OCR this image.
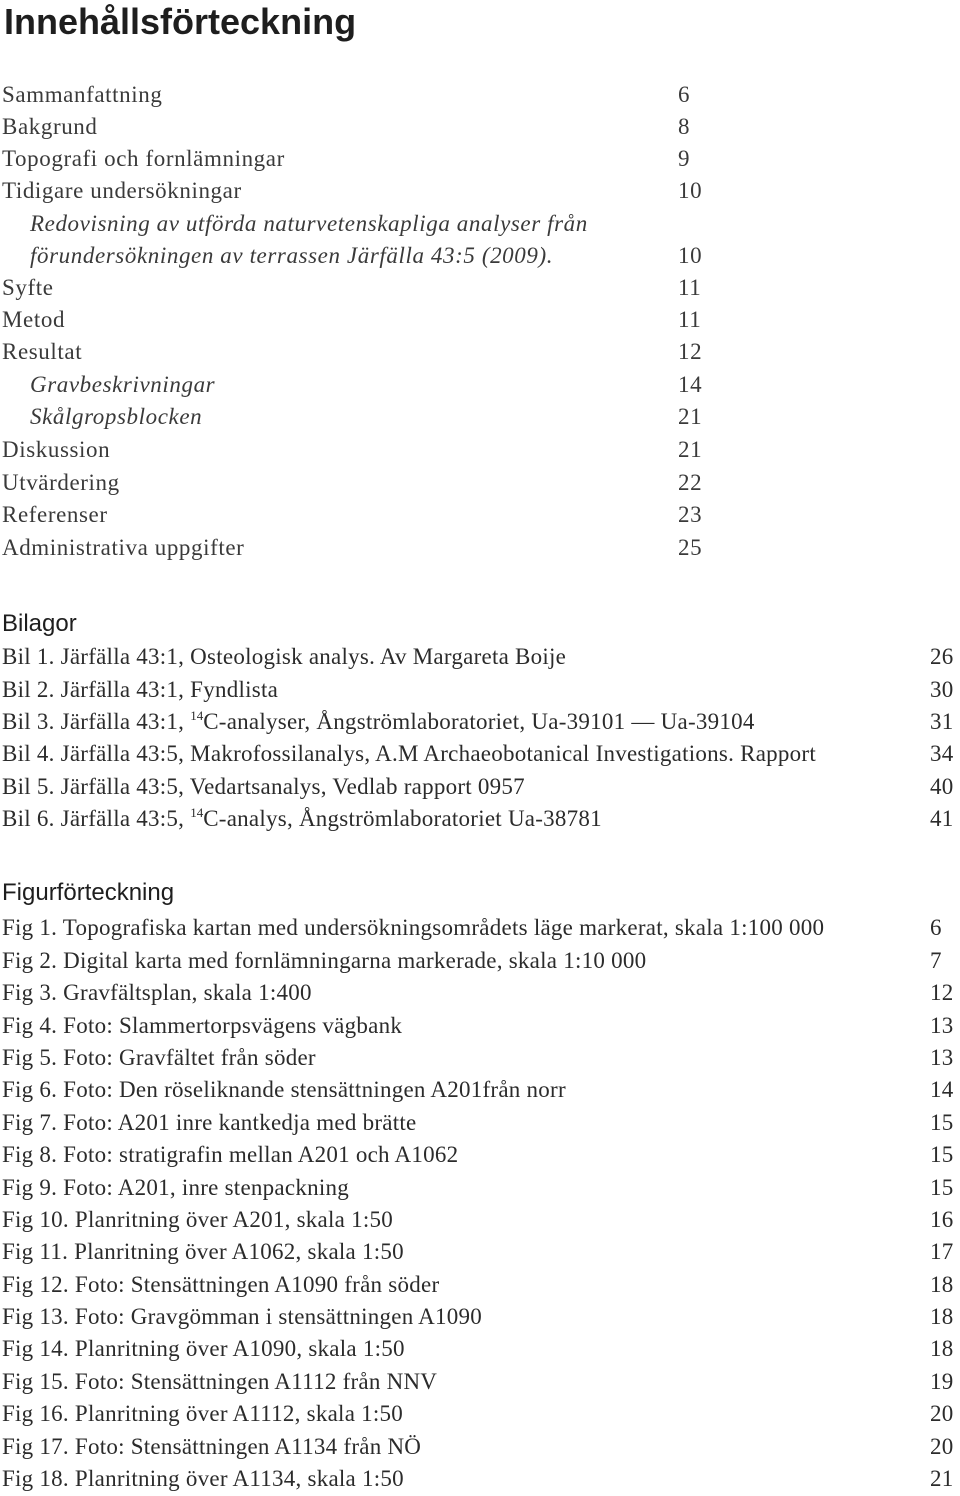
Innehållsförteckning
Sammanfattning	6
Bakgrund	8
Topografi och fornlämningar	9
Tidigare undersökningar	10
Redovisning av utförda naturvetenskapliga analyser från
förundersökningen av terrassen Järfälla 43:5 (2009).	10
Syfte	11
Metod	11
Resultat	12
Gravbeskrivningar	14
Skålgropsblocken	21
Diskussion	21
Utvärdering	22
Referenser	23
Administrativa uppgifter	25
Bilagor
Bil 1. Järfälla 43:1, Osteologisk analys. Av Margareta Boije	26
Bil 2. Järfälla 43:1, Fyndlista	30
Bil 3. Järfälla 43:1, $^{14}$C-analyser, Ångströmlaboratoriet, Ua-39101 — Ua-39104	31
Bil 4. Järfälla 43:5, Makrofossilanalys, A.M Archaeobotanical Investigations. Rapport	34
Bil 5. Järfälla 43:5, Vedartsanalys, Vedlab rapport 0957	40
Bil 6. Järfälla 43:5, $^{14}$C-analys, Ångströmlaboratoriet Ua-38781	41
Figurförteckning
Fig 1. Topografiska kartan med undersökningsområdets läge markerat, skala 1:100 000	6
Fig 2. Digital karta med fornlämningarna markerade, skala 1:10 000	7
Fig 3. Gravfältsplan, skala 1:400	12
Fig 4. Foto: Slammertorpsvägens vägbank	13
Fig 5. Foto: Gravfältet från söder	13
Fig 6. Foto: Den röseliknande stensättningen A201från norr	14
Fig 7. Foto: A201 inre kantkedja med brätte	15
Fig 8. Foto: stratigrafin mellan A201 och A1062	15
Fig 9. Foto: A201, inre stenpackning	15
Fig 10. Planritning över A201, skala 1:50	16
Fig 11. Planritning över A1062, skala 1:50	17
Fig 12. Foto: Stensättningen A1090 från söder	18
Fig 13. Foto: Gravgömman i stensättningen A1090	18
Fig 14. Planritning över A1090, skala 1:50	18
Fig 15. Foto: Stensättningen A1112 från NNV	19
Fig 16. Planritning över A1112, skala 1:50	20
Fig 17. Foto: Stensättningen A1134 från NÖ	20
Fig 18. Planritning över A1134, skala 1:50	21
